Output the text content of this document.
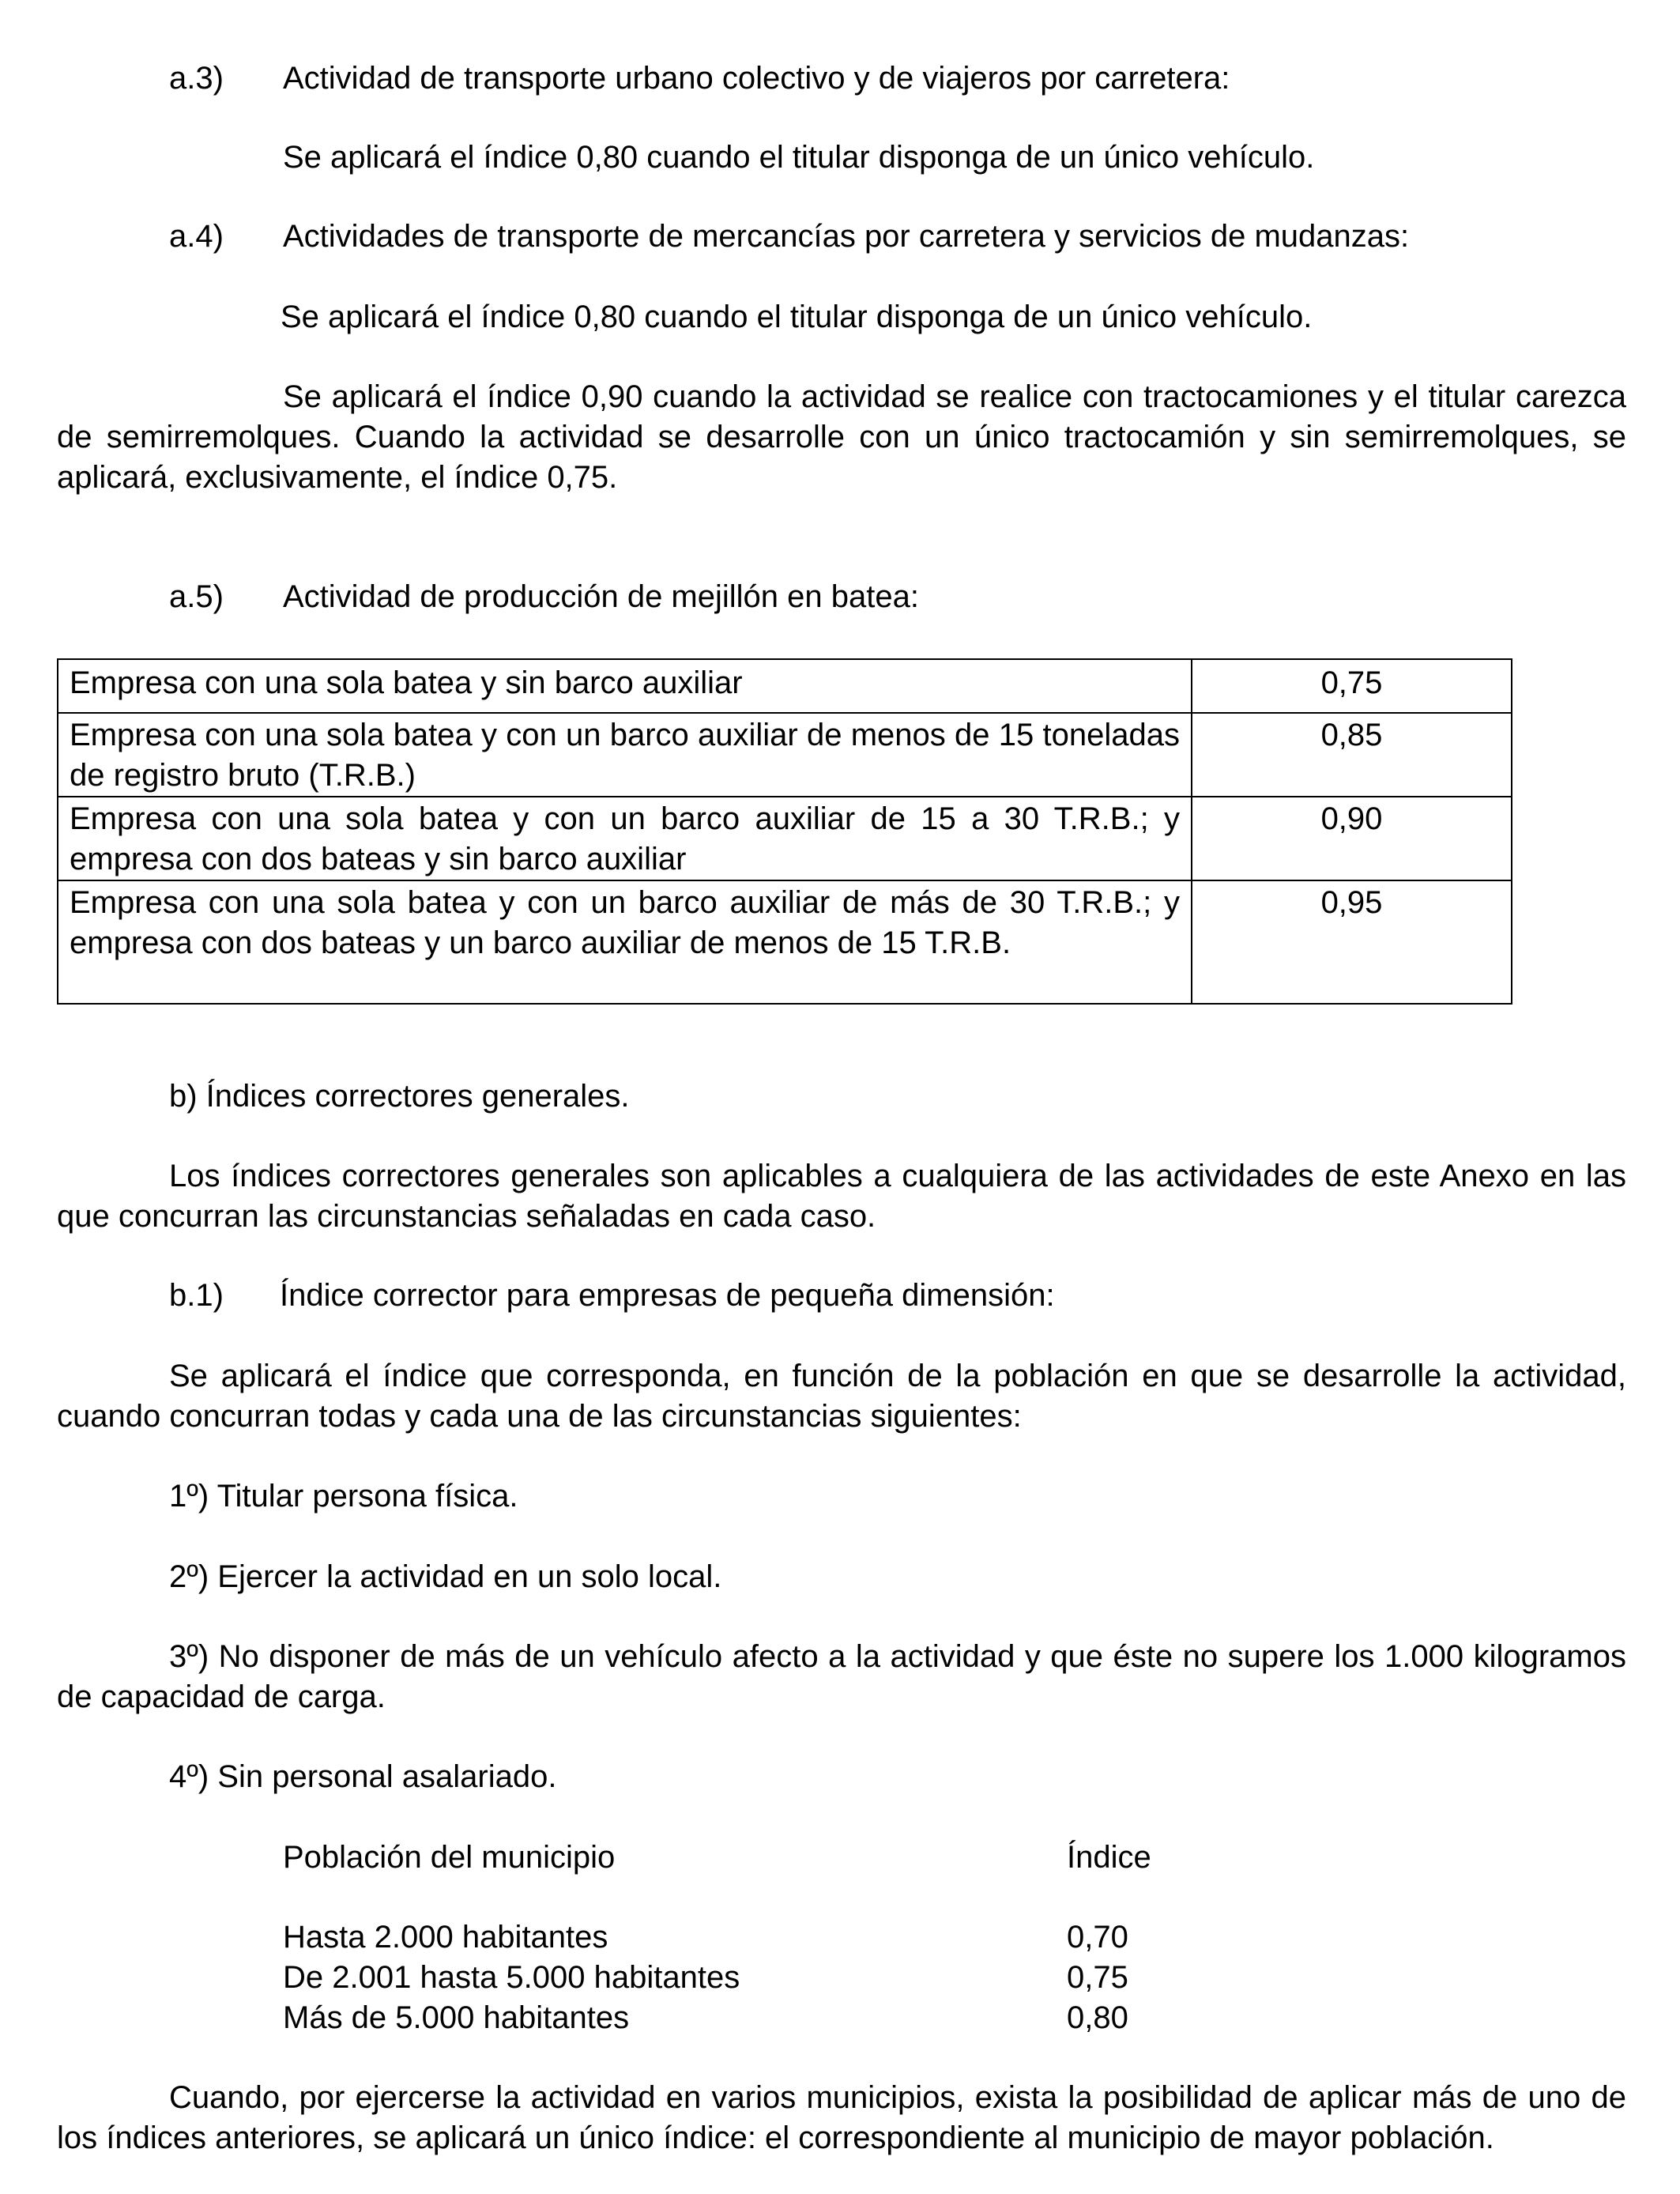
a.3) Actividad de transporte urbano colectivo y de viajeros por carretera:
Se aplicará el índice 0,80 cuando el titular disponga de un único vehículo.
a.4) Actividades de transporte de mercancías por carretera y servicios de mudanzas:
Se aplicará el índice 0,80 cuando el titular disponga de un único vehículo.
Se aplicará el índice 0,90 cuando la actividad se realice con tractocamiones y el titular carezca de semirremolques. Cuando la actividad se desarrolle con un único tractocamión y sin semirremolques, se aplicará, exclusivamente, el índice 0,75.
a.5) Actividad de producción de mejillón en batea:
b) Índices correctores generales.
Los índices correctores generales son aplicables a cualquiera de las actividades de este Anexo en las que concurran las circunstancias señaladas en cada caso.
b.1) Índice corrector para empresas de pequeña dimensión:
Se aplicará el índice que corresponda, en función de la población en que se desarrolle la actividad, cuando concurran todas y cada una de las circunstancias siguientes:
1º) Titular persona física.
2º) Ejercer la actividad en un solo local.
3º) No disponer de más de un vehículo afecto a la actividad y que éste no supere los 1.000 kilogramos de capacidad de carga.
4º) Sin personal asalariado.
Población del municipio	Índice
Hasta 2.000 habitantes	0,70
De 2.001 hasta 5.000 habitantes	0,75
Más de 5.000 habitantes	0,80
Cuando, por ejercerse la actividad en varios municipios, exista la posibilidad de aplicar más de uno de los índices anteriores, se aplicará un único índice: el correspondiente al municipio de mayor población.
Empresa con una sola batea y sin barco auxiliar	0,75
Empresa con una sola batea y con un barco auxiliar de menos de 15 toneladas de registro bruto (T.R.B.)	0,85
Empresa con una sola batea y con un barco auxiliar de 15 a 30 T.R.B.; y empresa con dos bateas y sin barco auxiliar	0,90
Empresa con una sola batea y con un barco auxiliar de más de 30 T.R.B.; y empresa con dos bateas y un barco auxiliar de menos de 15 T.R.B.	0,95
